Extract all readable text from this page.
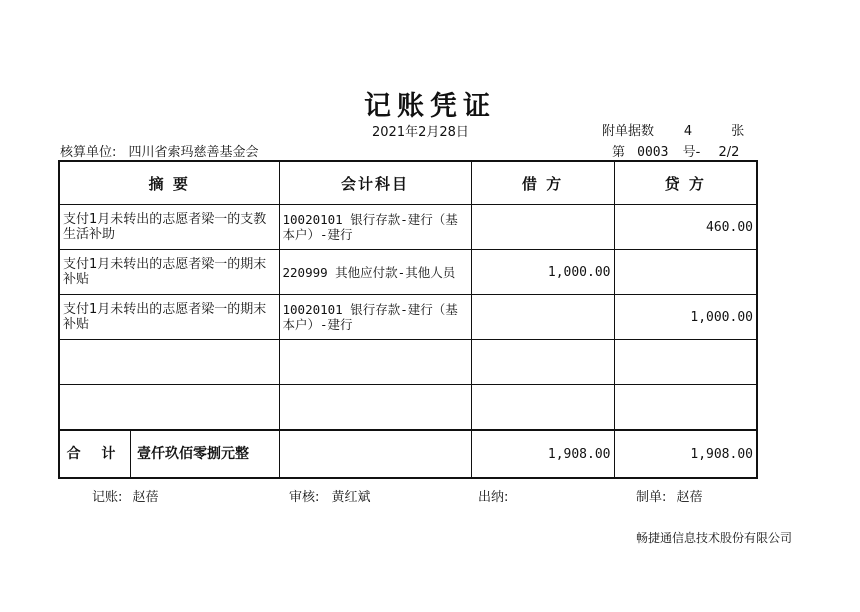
记账凭证
2021年2月28日	附单据数 4	张
核算单位: 四川省索玛慈善基金会	第 0003 号- 2/2
摘 要	会计科目	借 方	贷 方
支付1月未转出的志愿者梁一的支教生活补助	10020101 银行存款-建行（基本户）-建行		460.00
支付1月未转出的志愿者梁一的期末补贴	220999 其他应付款-其他人员	1,000.00	
支付1月未转出的志愿者梁一的期末补贴	10020101 银行存款-建行（基本户）-建行		1,000.00

合 计 壹仟玖佰零捌元整		1,908.00	1,908.00
记账: 赵蓓	审核: 黄红斌	出纳:	制单: 赵蓓
畅捷通信息技术股份有限公司
